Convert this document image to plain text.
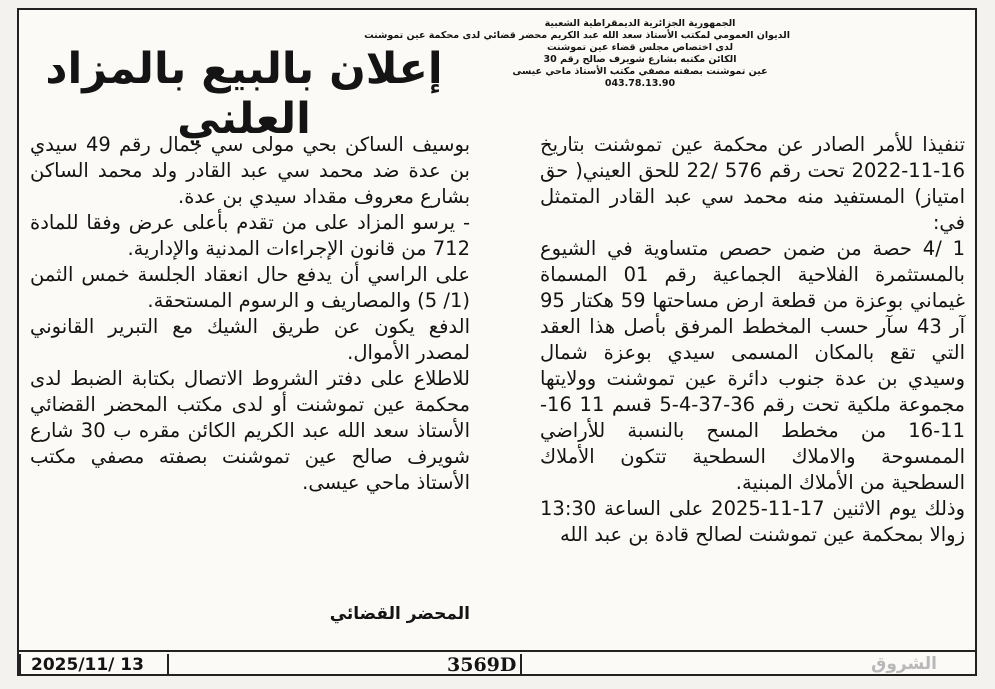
إعلان بالبيع بالمزاد العلني
الجمهورية الجزائرية الديمقراطية الشعبية
الديوان العمومي لمكتب الأستاذ سعد الله عبد الكريم محضر قضائي لدى محكمة عين تموشنت
لدى اختصاص مجلس قضاء عين تموشنت
الكائن مكتبه بشارع شويرف صالح رقم 30
عين تموشنت بصفته مصفي مكتب الأستاذ ماحي عيسى
043.78.13.90

تنفيذا للأمر الصادر عن محكمة عين تموشنت بتاريخ 16-11-2022 تحت رقم 576 /22 للحق العيني( حق امتياز) المستفيد منه محمد سي عبد القادر المتمثل في:

1 /4 حصة من ضمن حصص متساوية في الشيوع بالمستثمرة الفلاحية الجماعية رقم 01 المسماة غيماني بوعزة من قطعة ارض مساحتها 59 هكتار 95 آر 43 سآر حسب المخطط المرفق بأصل هذا العقد التي تقع بالمكان المسمى سيدي بوعزة شمال وسيدي بن عدة جنوب دائرة عين تموشنت وولايتها مجموعة ملكية تحت رقم 36-37-4-5 قسم 11 16-11-16 من مخطط المسح بالنسبة للأراضي الممسوحة والاملاك السطحية تتكون الأملاك السطحية من الأملاك المبنية.

وذلك يوم الاثنين 17-11-2025 على الساعة 13:30 زوالا بمحكمة عين تموشنت لصالح قادة بن عبد الله

بوسيف الساكن بحي مولى سي جمال رقم 49 سيدي بن عدة ضد محمد سي عبد القادر ولد محمد الساكن بشارع معروف مقداد سيدي بن عدة.

- يرسو المزاد على من تقدم بأعلى عرض وفقا للمادة 712 من قانون الإجراءات المدنية والإدارية.

على الراسي أن يدفع حال انعقاد الجلسة خمس الثمن (1/ 5) والمصاريف و الرسوم المستحقة.

الدفع يكون عن طريق الشيك مع التبرير القانوني لمصدر الأموال.

للاطلاع على دفتر الشروط الاتصال بكتابة الضبط لدى محكمة عين تموشنت أو لدى مكتب المحضر القضائي الأستاذ سعد الله عبد الكريم الكائن مقره ب 30 شارع شويرف صالح عين تموشنت بصفته مصفي مكتب الأستاذ ماحي عيسى.

المحضر القضائي
2025/11/ 13	3569D	الشروق
